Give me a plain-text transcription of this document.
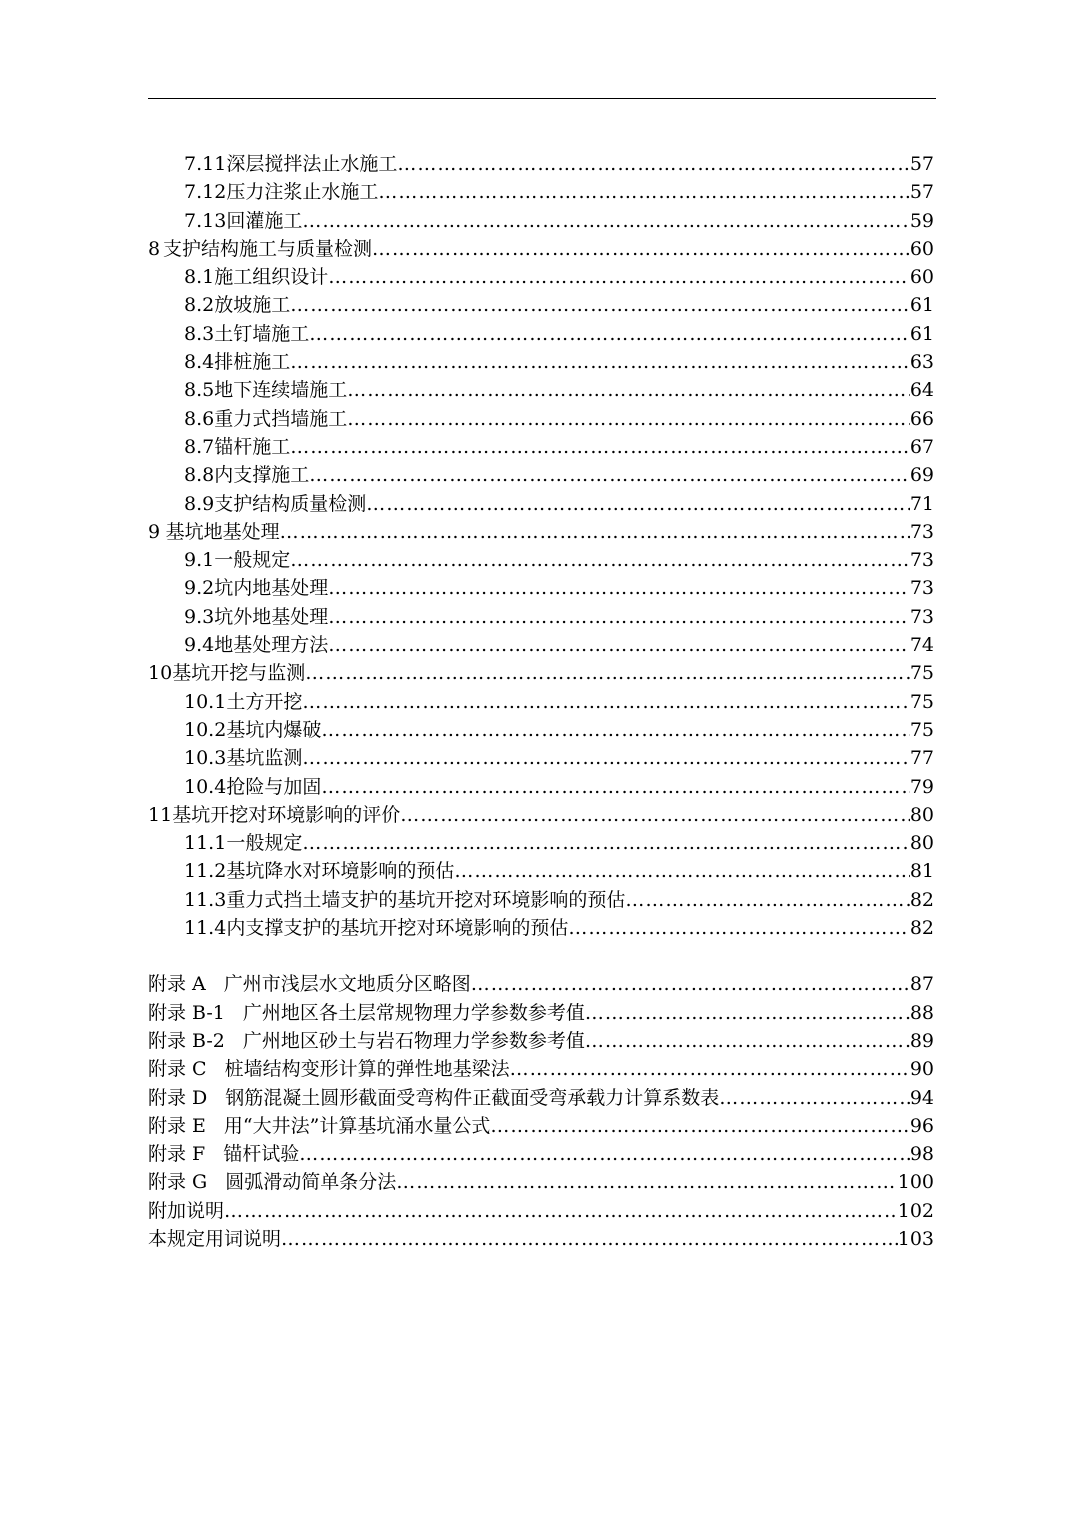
7.11 深层搅拌法止水施工 ……………………………………………………………………………………………………………………………………………………………………………………	57
7.12 压力注浆止水施工 ……………………………………………………………………………………………………………………………………………………………………………………	57
7.13 回灌施工 ……………………………………………………………………………………………………………………………………………………………………………………	59
8 支护结构施工与质量检测 ……………………………………………………………………………………………………………………………………………………………………………………	60
8.1 施工组织设计 ……………………………………………………………………………………………………………………………………………………………………………………	60
8.2 放坡施工 ……………………………………………………………………………………………………………………………………………………………………………………	61
8.3 土钉墙施工 ……………………………………………………………………………………………………………………………………………………………………………………	61
8.4 排桩施工 ……………………………………………………………………………………………………………………………………………………………………………………	63
8.5 地下连续墙施工 ……………………………………………………………………………………………………………………………………………………………………………………	64
8.6 重力式挡墙施工 ……………………………………………………………………………………………………………………………………………………………………………………	66
8.7 锚杆施工 ……………………………………………………………………………………………………………………………………………………………………………………	67
8.8 内支撑施工 ……………………………………………………………………………………………………………………………………………………………………………………	69
8.9 支护结构质量检测 ……………………………………………………………………………………………………………………………………………………………………………………	71
9 基坑地基处理 ……………………………………………………………………………………………………………………………………………………………………………………	73
9.1 一般规定 ……………………………………………………………………………………………………………………………………………………………………………………	73
9.2 坑内地基处理 ……………………………………………………………………………………………………………………………………………………………………………………	73
9.3 坑外地基处理 ……………………………………………………………………………………………………………………………………………………………………………………	73
9.4 地基处理方法 ……………………………………………………………………………………………………………………………………………………………………………………	74
10 基坑开挖与监测 ……………………………………………………………………………………………………………………………………………………………………………………	75
10.1 土方开挖 ……………………………………………………………………………………………………………………………………………………………………………………	75
10.2 基坑内爆破 ……………………………………………………………………………………………………………………………………………………………………………………	75
10.3 基坑监测 ……………………………………………………………………………………………………………………………………………………………………………………	77
10.4 抢险与加固 ……………………………………………………………………………………………………………………………………………………………………………………	79
11 基坑开挖对环境影响的评价 ……………………………………………………………………………………………………………………………………………………………………………………	80
11.1 一般规定 ……………………………………………………………………………………………………………………………………………………………………………………	80
11.2 基坑降水对环境影响的预估 ……………………………………………………………………………………………………………………………………………………………………………………	81
11.3 重力式挡土墙支护的基坑开挖对环境影响的预估 ……………………………………………………………………………………………………………………………………………………………………………………	82
11.4 内支撑支护的基坑开挖对环境影响的预估 ……………………………………………………………………………………………………………………………………………………………………………………	82
附录 A 广州市浅层水文地质分区略图 ……………………………………………………………………………………………………………………………………………………………………………………	87
附录 B-1 广州地区各土层常规物理力学参数参考值 ……………………………………………………………………………………………………………………………………………………………………………………	88
附录 B-2 广州地区砂土与岩石物理力学参数参考值 ……………………………………………………………………………………………………………………………………………………………………………………	89
附录 C 桩墙结构变形计算的弹性地基梁法 ……………………………………………………………………………………………………………………………………………………………………………………	90
附录 D 钢筋混凝土圆形截面受弯构件正截面受弯承载力计算系数表 ……………………………………………………………………………………………………………………………………………………………………………………	94
附录 E 用“大井法”计算基坑涌水量公式 ……………………………………………………………………………………………………………………………………………………………………………………	96
附录 F 锚杆试验 ……………………………………………………………………………………………………………………………………………………………………………………	98
附录 G 圆弧滑动简单条分法 ……………………………………………………………………………………………………………………………………………………………………………………	100
附加说明 ……………………………………………………………………………………………………………………………………………………………………………………	102
本规定用词说明 ……………………………………………………………………………………………………………………………………………………………………………………	103
